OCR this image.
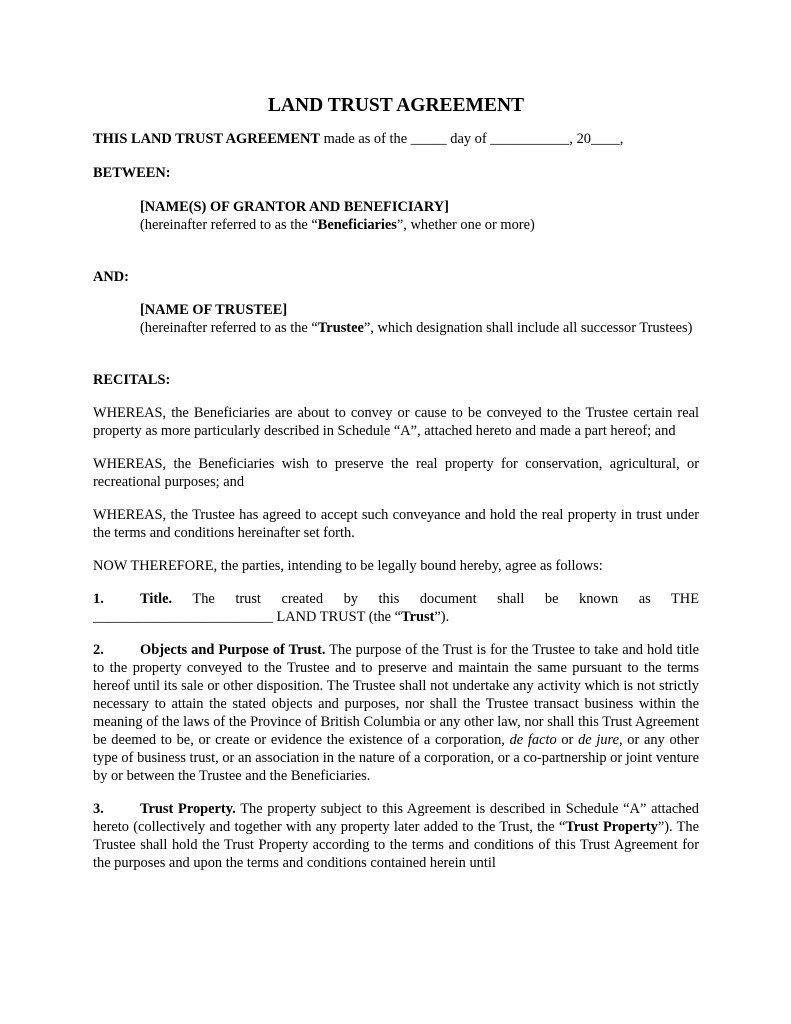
LAND TRUST AGREEMENT

THIS LAND TRUST AGREEMENT made as of the _____ day of ___________, 20____,

BETWEEN:

[NAME(S) OF GRANTOR AND BENEFICIARY]

(hereinafter referred to as the “Beneficiaries”, whether one or more)

AND:

[NAME OF TRUSTEE]

(hereinafter referred to as the “Trustee”, which designation shall include all successor Trustees)

RECITALS:

WHEREAS, the Beneficiaries are about to convey or cause to be conveyed to the Trustee certain real property as more particularly described in Schedule “A”, attached hereto and made a part hereof; and

WHEREAS, the Beneficiaries wish to preserve the real property for conservation, agricultural, or recreational purposes; and

WHEREAS, the Trustee has agreed to accept such conveyance and hold the real property in trust under the terms and conditions hereinafter set forth.

NOW THEREFORE, the parties, intending to be legally bound hereby, agree as follows:

1.	Title. The trust created by this document shall be known as THE

_________________________ LAND TRUST (the “Trust”).

2.	Objects and Purpose of Trust. The purpose of the Trust is for the Trustee to take and hold title to the property conveyed to the Trustee and to preserve and maintain the same pursuant to the terms hereof until its sale or other disposition. The Trustee shall not undertake any activity which is not strictly necessary to attain the stated objects and purposes, nor shall the Trustee transact business within the meaning of the laws of the Province of British Columbia or any other law, nor shall this Trust Agreement be deemed to be, or create or evidence the existence of a corporation, de facto or de jure, or any other type of business trust, or an association in the nature of a corporation, or a co-partnership or joint venture by or between the Trustee and the Beneficiaries.

3.	Trust Property. The property subject to this Agreement is described in Schedule “A” attached hereto (collectively and together with any property later added to the Trust, the “Trust Property”). The Trustee shall hold the Trust Property according to the terms and conditions of this Trust Agreement for the purposes and upon the terms and conditions contained herein until
